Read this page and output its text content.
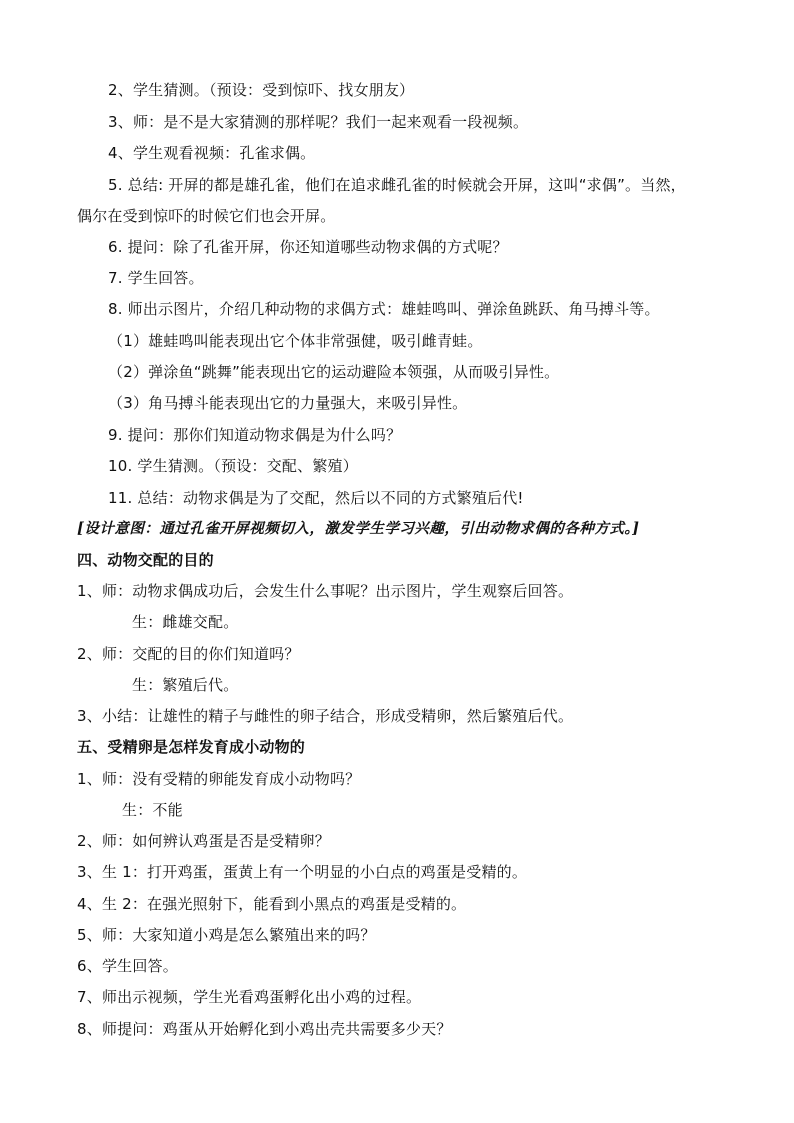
2、学生猜测。（预设：受到惊吓、找女朋友）
3、师：是不是大家猜测的那样呢？我们一起来观看一段视频。
4、学生观看视频：孔雀求偶。
5. 总结: 开屏的都是雄孔雀，他们在追求雌孔雀的时候就会开屏，这叫“求偶”。当然，
偶尔在受到惊吓的时候它们也会开屏。
6. 提问：除了孔雀开屏，你还知道哪些动物求偶的方式呢？
7. 学生回答。
8. 师出示图片，介绍几种动物的求偶方式：雄蛙鸣叫、弹涂鱼跳跃、角马搏斗等。
（1）雄蛙鸣叫能表现出它个体非常强健，吸引雌青蛙。
（2）弹涂鱼“跳舞”能表现出它的运动避险本领强，从而吸引异性。
（3）角马搏斗能表现出它的力量强大，来吸引异性。
9. 提问：那你们知道动物求偶是为什么吗？
10. 学生猜测。（预设：交配、繁殖）
11. 总结：动物求偶是为了交配，然后以不同的方式繁殖后代!
[设计意图：通过孔雀开屏视频切入，激发学生学习兴趣，引出动物求偶的各种方式。]
四、动物交配的目的
1、师：动物求偶成功后，会发生什么事呢？出示图片，学生观察后回答。
生：雌雄交配。
2、师：交配的目的你们知道吗？
生：繁殖后代。
3、小结：让雄性的精子与雌性的卵子结合，形成受精卵，然后繁殖后代。
五、受精卵是怎样发育成小动物的
1、师：没有受精的卵能发育成小动物吗？
生：不能
2、师：如何辨认鸡蛋是否是受精卵？
3、生 1：打开鸡蛋，蛋黄上有一个明显的小白点的鸡蛋是受精的。
4、生 2：在强光照射下，能看到小黑点的鸡蛋是受精的。
5、师：大家知道小鸡是怎么繁殖出来的吗？
6、学生回答。
7、师出示视频，学生光看鸡蛋孵化出小鸡的过程。
8、师提问：鸡蛋从开始孵化到小鸡出壳共需要多少天？
